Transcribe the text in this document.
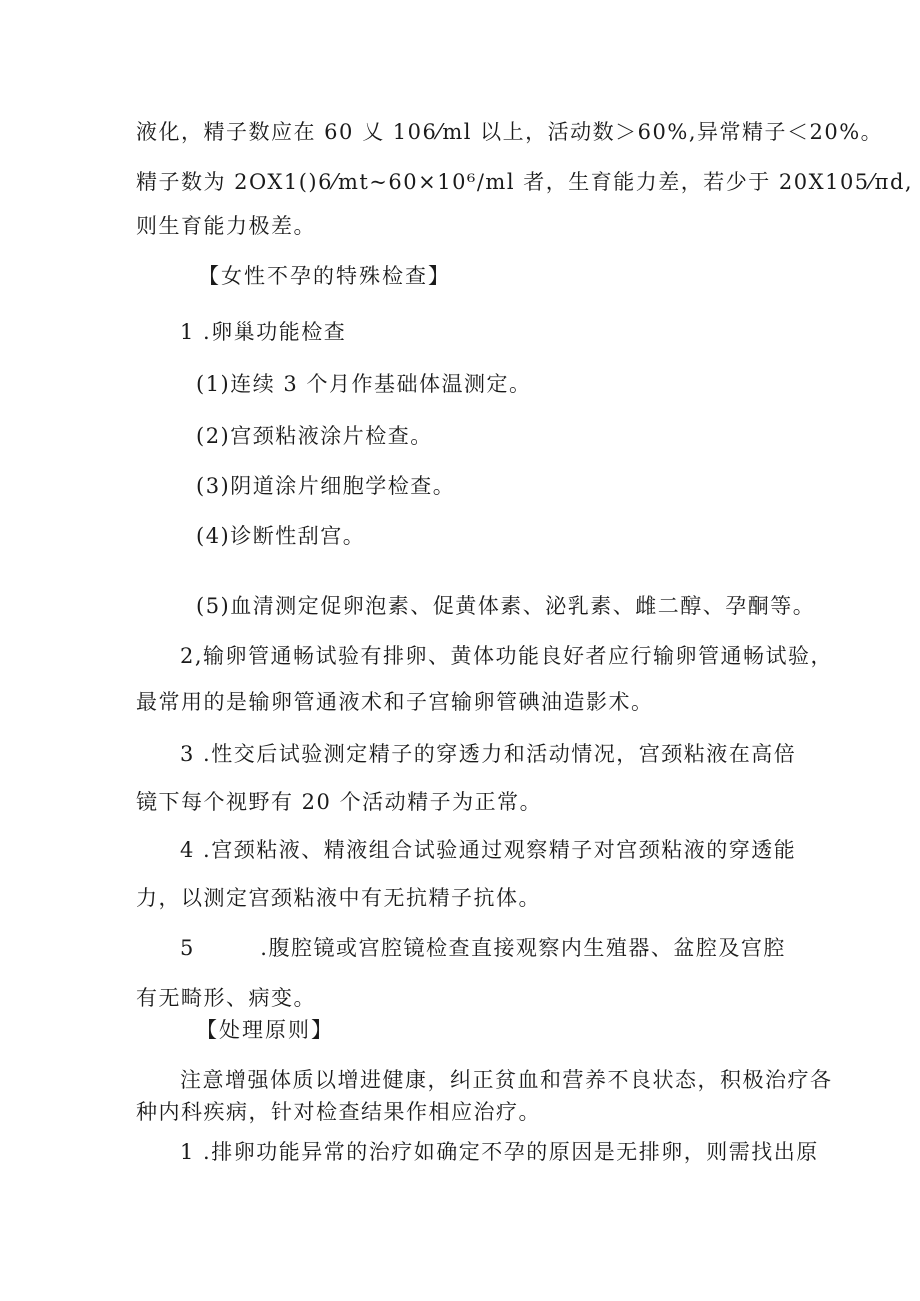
液化，精子数应在 60 乂 106⁄ml 以上，活动数＞60%,异常精子＜20%。
精子数为 2OX1()6⁄mt~60×10⁶/ml 者，生育能力差，若少于 20X105⁄πd,
则生育能力极差。
【女性不孕的特殊检查】
1 .卵巢功能检查
(1)连续 3 个月作基础体温测定。
(2)宫颈粘液涂片检查。
(3)阴道涂片细胞学检查。
(4)诊断性刮宫。
(5)血清测定促卵泡素、促黄体素、泌乳素、雌二醇、孕酮等。
2,输卵管通畅试验有排卵、黄体功能良好者应行输卵管通畅试验，
最常用的是输卵管通液术和子宫输卵管碘油造影术。
3 .性交后试验测定精子的穿透力和活动情况，宫颈粘液在高倍
镜下每个视野有 20 个活动精子为正常。
4 .宫颈粘液、精液组合试验通过观察精子对宫颈粘液的穿透能
力，以测定宫颈粘液中有无抗精子抗体。
5        .腹腔镜或宫腔镜检查直接观察内生殖器、盆腔及宫腔
有无畸形、病变。
【处理原则】
注意增强体质以增进健康，纠正贫血和营养不良状态，积极治疗各
种内科疾病，针对检查结果作相应治疗。
1 .排卵功能异常的治疗如确定不孕的原因是无排卵，则需找出原
